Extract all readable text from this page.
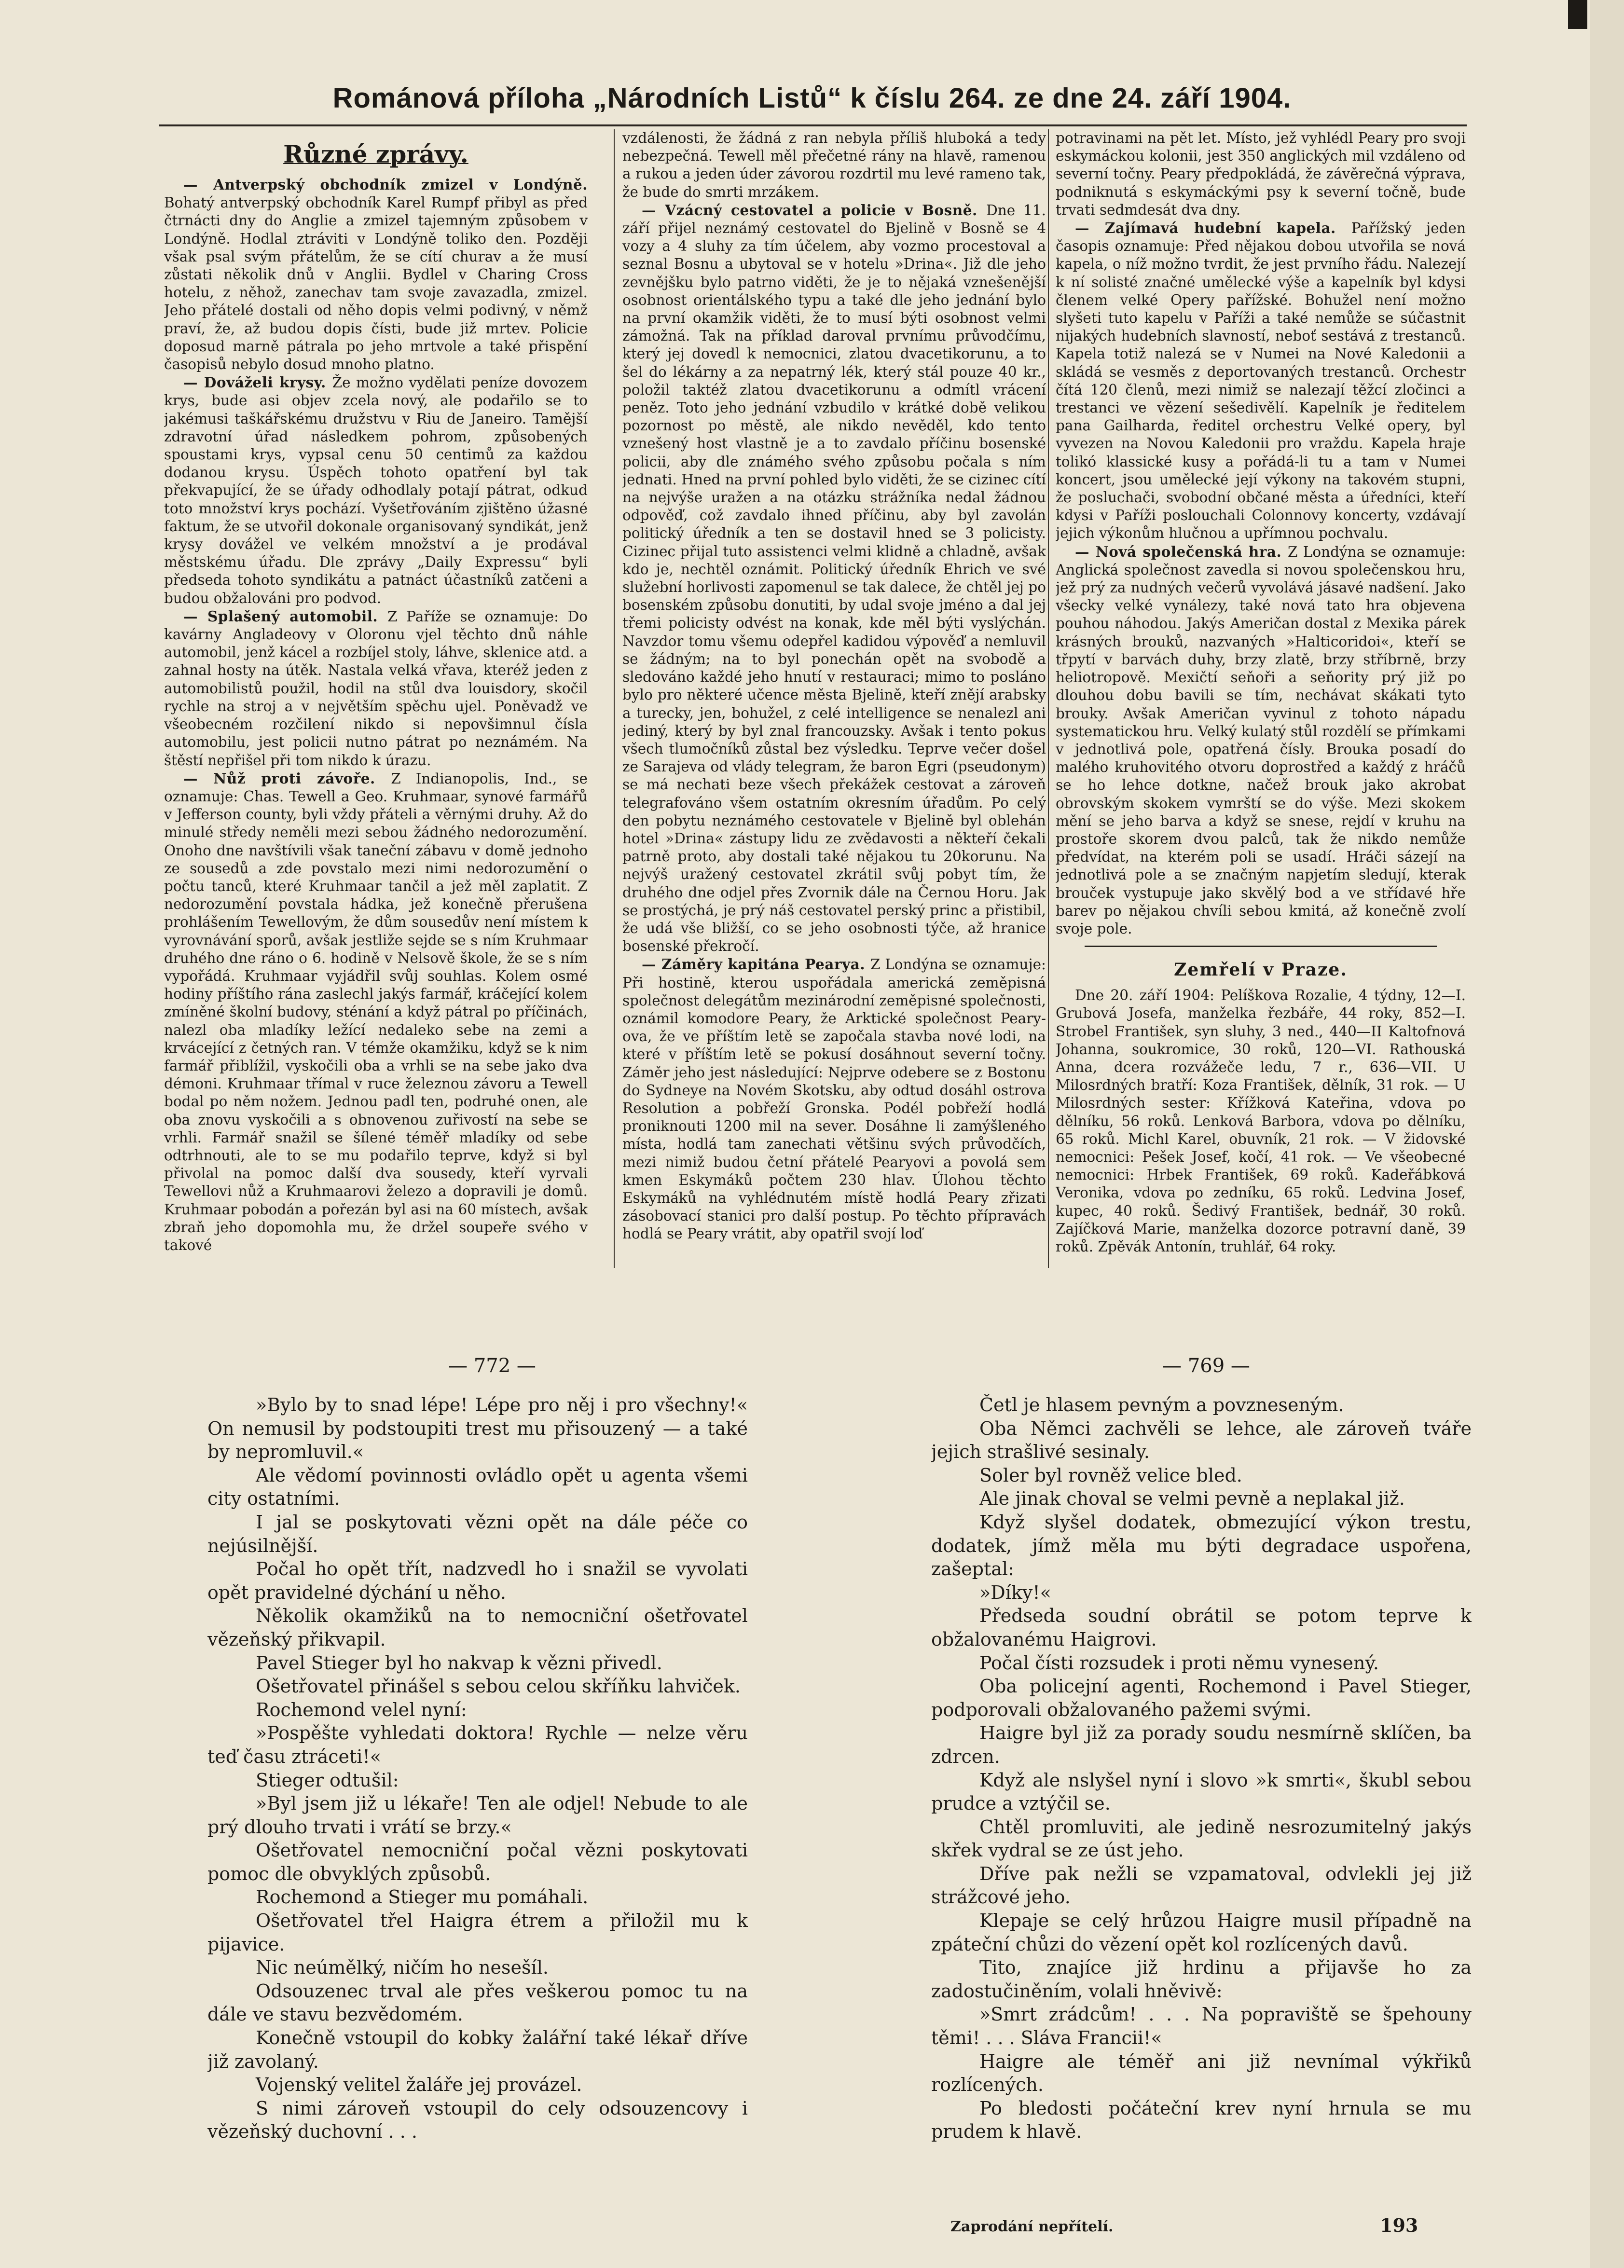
Románová příloha „Národních Listů“ k číslu 264. ze dne 24. září 1904.
Různé zprávy.

— Antverpský obchodník zmizel v Londýně. Bohatý antverpský obchodník Karel Rumpf přibyl as před čtrnácti dny do Anglie a zmizel tajemným způsobem v Londýně. Hodlal ztráviti v Londýně toliko den. Později však psal svým přátelům, že se cítí churav a že musí zůstati několik dnů v Anglii. Bydlel v Charing Cross hotelu, z něhož, zanechav tam svoje zavazadla, zmizel. Jeho přátelé dostali od něho dopis velmi podivný, v němž praví, že, až budou dopis čísti, bude již mrtev. Policie doposud marně pátrala po jeho mrtvole a také přispění časopisů nebylo dosud mnoho platno.

— Dováželi krysy. Že možno vydělati peníze dovozem krys, bude asi objev zcela nový, ale podařilo se to jakémusi taškářskému družstvu v Riu de Janeiro. Tamější zdravotní úřad následkem pohrom, způsobených spoustami krys, vypsal cenu 50 centimů za každou dodanou krysu. Úspěch tohoto opatření byl tak překvapující, že se úřady odhodlaly potají pátrat, odkud toto množství krys pochází. Vyšetřováním zjištěno úžasné faktum, že se utvořil dokonale organisovaný syndikát, jenž krysy dovážel ve velkém množství a je prodával městskému úřadu. Dle zprávy „Daily Expressu“ byli předseda tohoto syndikátu a patnáct účastníků zatčeni a budou obžalováni pro podvod.

— Splašený automobil. Z Paříže se oznamuje: Do kavárny Angladeovy v Oloronu vjel těchto dnů náhle automobil, jenž kácel a rozbíjel stoly, láhve, sklenice atd. a zahnal hosty na útěk. Nastala velká vřava, kteréž jeden z automobilistů použil, hodil na stůl dva louisdory, skočil rychle na stroj a v největším spěchu ujel. Poněvadž ve všeobecném rozčilení nikdo si nepovšimnul čísla automobilu, jest policii nutno pátrat po neznámém. Na štěstí nepřišel při tom nikdo k úrazu.

— Nůž proti závoře. Z Indianopolis, Ind., se oznamuje: Chas. Tewell a Geo. Kruhmaar, synové farmářů v Jefferson county, byli vždy přáteli a věrnými druhy. Až do minulé středy neměli mezi sebou žádného nedorozumění. Onoho dne navštívili však taneční zábavu v domě jednoho ze sousedů a zde povstalo mezi nimi nedorozumění o počtu tanců, které Kruhmaar tančil a jež měl zaplatit. Z nedorozumění povstala hádka, jež konečně přerušena prohlášením Tewellovým, že dům sousedův není místem k vyrovnávání sporů, avšak jestliže sejde se s ním Kruhmaar druhého dne ráno o 6. hodině v Nelsově škole, že se s ním vypořádá. Kruhmaar vyjádřil svůj souhlas. Kolem osmé hodiny příštího rána zaslechl jakýs farmář, kráčející kolem zmíněné školní budovy, sténání a když pátral po příčinách, nalezl oba mladíky ležící nedaleko sebe na zemi a krvácející z četných ran. V témže okamžiku, když se k nim farmář přiblížil, vyskočili oba a vrhli se na sebe jako dva démoni. Kruhmaar třímal v ruce železnou závoru a Tewell bodal po něm nožem. Jednou padl ten, podruhé onen, ale oba znovu vyskočili a s obnovenou zuřivostí na sebe se vrhli. Farmář snažil se šílené téměř mladíky od sebe odtrhnouti, ale to se mu podařilo teprve, když si byl přivolal na pomoc další dva sousedy, kteří vyrvali Tewellovi nůž a Kruhmaarovi železo a dopravili je domů. Kruhmaar pobodán a pořezán byl asi na 60 místech, avšak zbraň jeho dopomohla mu, že držel soupeře svého v takové

vzdálenosti, že žádná z ran nebyla příliš hluboká a tedy nebezpečná. Tewell měl přečetné rány na hlavě, ramenou a rukou a jeden úder závorou rozdrtil mu levé rameno tak, že bude do smrti mrzákem.

— Vzácný cestovatel a policie v Bosně. Dne 11. září přijel neznámý cestovatel do Bjelině v Bosně se 4 vozy a 4 sluhy za tím účelem, aby vozmo procestoval a seznal Bosnu a ubytoval se v hotelu »Drina«. Již dle jeho zevnějšku bylo patrno viděti, že je to nějaká vznešenější osobnost orientálského typu a také dle jeho jednání bylo na první okamžik viděti, že to musí býti osobnost velmi zámožná. Tak na příklad daroval prvnímu průvodčímu, který jej dovedl k nemocnici, zlatou dvacetikorunu, a to šel do lékárny a za nepatrný lék, který stál pouze 40 kr., položil taktéž zlatou dvacetikorunu a odmítl vrácení peněz. Toto jeho jednání vzbudilo v krátké době velikou pozornost po městě, ale nikdo nevěděl, kdo tento vznešený host vlastně je a to zavdalo příčinu bosenské policii, aby dle známého svého způsobu počala s ním jednati. Hned na první pohled bylo viděti, že se cizinec cítí na nejvýše uražen a na otázku strážníka nedal žádnou odpověď, což zavdalo ihned příčinu, aby byl zavolán politický úředník a ten se dostavil hned se 3 policisty. Cizinec přijal tuto assistenci velmi klidně a chladně, avšak kdo je, nechtěl oznámit. Politický úředník Ehrich ve své služební horlivosti zapomenul se tak dalece, že chtěl jej po bosenském způsobu donutiti, by udal svoje jméno a dal jej třemi policisty odvést na konak, kde měl býti vyslýchán. Navzdor tomu všemu odepřel kadidou výpověď a nemluvil se žádným; na to byl ponechán opět na svobodě a sledováno každé jeho hnutí v restauraci; mimo to posláno bylo pro některé učence města Bjelině, kteří znějí arabsky a turecky, jen, bohužel, z celé intelligence se nenalezl ani jediný, který by byl znal francouzsky. Avšak i tento pokus všech tlumočníků zůstal bez výsledku. Teprve večer došel ze Sarajeva od vlády telegram, že baron Egri (pseudonym) se má nechati beze všech překážek cestovat a zároveň telegrafováno všem ostatním okresním úřadům. Po celý den pobytu neznámého cestovatele v Bjelině byl oblehán hotel »Drina« zástupy lidu ze zvědavosti a někteří čekali patrně proto, aby dostali také nějakou tu 20korunu. Na nejvýš uražený cestovatel zkrátil svůj pobyt tím, že druhého dne odjel přes Zvornik dále na Černou Horu. Jak se prostýchá, je prý náš cestovatel perský princ a přistibil, že udá vše bližší, co se jeho osobnosti týče, až hranice bosenské překročí.

— Záměry kapitána Pearya. Z Londýna se oznamuje: Při hostině, kterou uspořádala americká zeměpisná společnost delegátům mezinárodní zeměpisné společnosti, oznámil komodore Peary, že Arktické společnost Peary-ova, že ve příštím letě se započala stavba nové lodi, na které v příštím letě se pokusí dosáhnout severní točny. Záměr jeho jest následující: Nejprve odebere se z Bostonu do Sydneye na Novém Skotsku, aby odtud dosáhl ostrova Resolution a pobřeží Gronska. Podél pobřeží hodlá proniknouti 1200 mil na sever. Dosáhne li zamýšleného místa, hodlá tam zanechati většinu svých průvodčích, mezi nimiž budou četní přátelé Pearyovi a povolá sem kmen Eskymáků počtem 230 hlav. Úlohou těchto Eskymáků na vyhlédnutém místě hodlá Peary zřizati zásobovací stanici pro další postup. Po těchto přípravách hodlá se Peary vrátit, aby opatřil svojí loď

potravinami na pět let. Místo, jež vyhlédl Peary pro svoji eskymáckou kolonii, jest 350 anglických mil vzdáleno od severní točny. Peary předpokládá, že závěrečná výprava, podniknutá s eskymáckými psy k severní točně, bude trvati sedmdesát dva dny.

— Zajímavá hudební kapela. Pařížský jeden časopis oznamuje: Před nějakou dobou utvořila se nová kapela, o níž možno tvrdit, že jest prvního řádu. Nalezejí k ní solisté značné umělecké výše a kapelník byl kdysi členem velké Opery pařížské. Bohužel není možno slyšeti tuto kapelu v Paříži a také nemůže se súčastnit nijakých hudebních slavností, neboť sestává z trestanců. Kapela totiž nalezá se v Numei na Nové Kaledonii a skládá se vesměs z deportovaných trestanců. Orchestr čítá 120 členů, mezi nimiž se nalezají těžcí zločinci a trestanci ve vězení sešedivělí. Kapelník je ředitelem pana Gailharda, ředitel orchestru Velké opery, byl vyvezen na Novou Kaledonii pro vraždu. Kapela hraje tolikó klassické kusy a pořádá-li tu a tam v Numei koncert, jsou umělecké její výkony na takovém stupni, že posluchači, svobodní občané města a úředníci, kteří kdysi v Paříži poslouchali Colonnovy koncerty, vzdávají jejich výkonům hlučnou a upřímnou pochvalu.

— Nová společenská hra. Z Londýna se oznamuje: Anglická společnost zavedla si novou společenskou hru, jež prý za nudných večerů vyvolává jásavé nadšení. Jako všecky velké vynálezy, také nová tato hra objevena pouhou náhodou. Jakýs Američan dostal z Mexika párek krásných brouků, nazvaných »Halticoridoi«, kteří se třpytí v barvách duhy, brzy zlatě, brzy stříbrně, brzy heliotropově. Mexičtí seňoři a seňority prý již po dlouhou dobu bavili se tím, nechávat skákati tyto brouky. Avšak Američan vyvinul z tohoto nápadu systematickou hru. Velký kulatý stůl rozdělí se přímkami v jednotlivá pole, opatřená čísly. Brouka posadí do malého kruhovitého otvoru doprostřed a každý z hráčů se ho lehce dotkne, načež brouk jako akrobat obrovským skokem vymrští se do výše. Mezi skokem mění se jeho barva a když se snese, rejdí v kruhu na prostoře skorem dvou palců, tak že nikdo nemůže předvídat, na kterém poli se usadí. Hráči sázejí na jednotlivá pole a se značným napjetím sledují, kterak brouček vystupuje jako skvělý bod a ve střídavé hře barev po nějakou chvíli sebou kmitá, až konečně zvolí svoje pole.

Zemřelí v Praze.

Dne 20. září 1904: Pelíškova Rozalie, 4 týdny, 12—I. Grubová Josefa, manželka řezbáře, 44 roky, 852—I. Strobel František, syn sluhy, 3 ned., 440—II Kaltofnová Johanna, soukromice, 30 roků, 120—VI. Rathouská Anna, dcera rozvážeče ledu, 7 r., 636—VII. U Milosrdných bratří: Koza František, dělník, 31 rok. — U Milosrdných sester: Křížková Kateřina, vdova po dělníku, 56 roků. Lenková Barbora, vdova po dělníku, 65 roků. Michl Karel, obuvník, 21 rok. — V židovské nemocnici: Pešek Josef, kočí, 41 rok. — Ve všeobecné nemocnici: Hrbek František, 69 roků. Kadeřábková Veronika, vdova po zedníku, 65 roků. Ledvina Josef, kupec, 40 roků. Šedivý František, bednář, 30 roků. Zajíčková Marie, manželka dozorce potravní daně, 39 roků. Zpěvák Antonín, truhlář, 64 roky.

— 772 —	— 769 —

»Bylo by to snad lépe! Lépe pro něj i pro všechny!« On nemusil by podstoupiti trest mu přisouzený — a také by nepromluvil.«

Ale vědomí povinnosti ovládlo opět u agenta všemi city ostatními.

I jal se poskytovati vězni opět na dále péče co nejúsilnější.

Počal ho opět třít, nadzvedl ho i snažil se vyvolati opět pravidelné dýchání u něho.

Několik okamžiků na to nemocniční ošetřovatel vězeňský přikvapil.

Pavel Stieger byl ho nakvap k vězni přivedl.

Ošetřovatel přinášel s sebou celou skříňku lahviček.

Rochemond velel nyní:

»Pospěšte vyhledati doktora! Rychle — nelze věru teď času ztráceti!«

Stieger odtušil:

»Byl jsem již u lékaře! Ten ale odjel! Nebude to ale prý dlouho trvati i vrátí se brzy.«

Ošetřovatel nemocniční počal vězni poskytovati pomoc dle obvyklých způsobů.

Rochemond a Stieger mu pomáhali.

Ošetřovatel třel Haigra étrem a přiložil mu k pijavice.

Nic neúmělký, ničím ho nesešíl.

Odsouzenec trval ale přes veškerou pomoc tu na dále ve stavu bezvědomém.

Konečně vstoupil do kobky žalářní také lékař dříve již zavolaný.

Vojenský velitel žaláře jej provázel.

S nimi zároveň vstoupil do cely odsouzencovy i vězeňský duchovní . . .

Četl je hlasem pevným a povzneseným.

Oba Němci zachvěli se lehce, ale zároveň tváře jejich strašlivé sesinaly.

Soler byl rovněž velice bled.

Ale jinak choval se velmi pevně a neplakal již.

Když slyšel dodatek, obmezující výkon trestu, dodatek, jímž měla mu býti degradace uspořena, zašeptal:

»Díky!«

Předseda soudní obrátil se potom teprve k obžalovanému Haigrovi.

Počal čísti rozsudek i proti němu vynesený.

Oba policejní agenti, Rochemond i Pavel Stieger, podporovali obžalovaného pažemi svými.

Haigre byl již za porady soudu nesmírně sklíčen, ba zdrcen.

Když ale nslyšel nyní i slovo »k smrti«, škubl sebou prudce a vztýčil se.

Chtěl promluviti, ale jedině nesrozumitelný jakýs skřek vydral se ze úst jeho.

Dříve pak nežli se vzpamatoval, odvlekli jej již strážcové jeho.

Klepaje se celý hrůzou Haigre musil případně na zpáteční chůzi do vězení opět kol rozlícených davů.

Tito, znajíce již hrdinu a přijavše ho za zadostučiněním, volali hněvivě:

»Smrt zrádcům! . . . Na popraviště se špehouny těmi! . . . Sláva Francii!«

Haigre ale téměř ani již nevnímal výkřiků rozlícených.

Po bledosti počáteční krev nyní hrnula se mu prudem k hlavě.

Zaprodání nepřítelí.	193
